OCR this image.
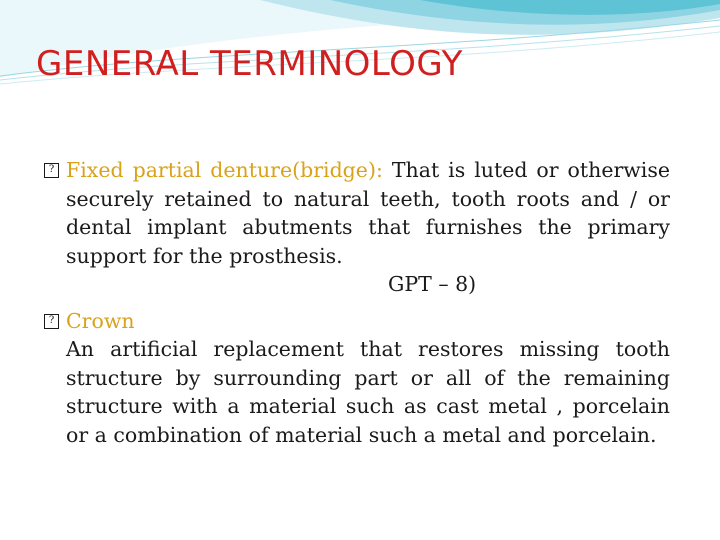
GENERAL TERMINOLOGY
? Fixed partial denture(bridge): That is luted or otherwise securely retained to natural teeth, tooth roots and / or dental implant abutments that furnishes the primary support for the prosthesis.
GPT – 8)
? Crown
An artificial replacement that restores missing tooth structure by surrounding part or all of the remaining structure with a material such as cast metal , porcelain or a combination of material such a metal and porcelain.
